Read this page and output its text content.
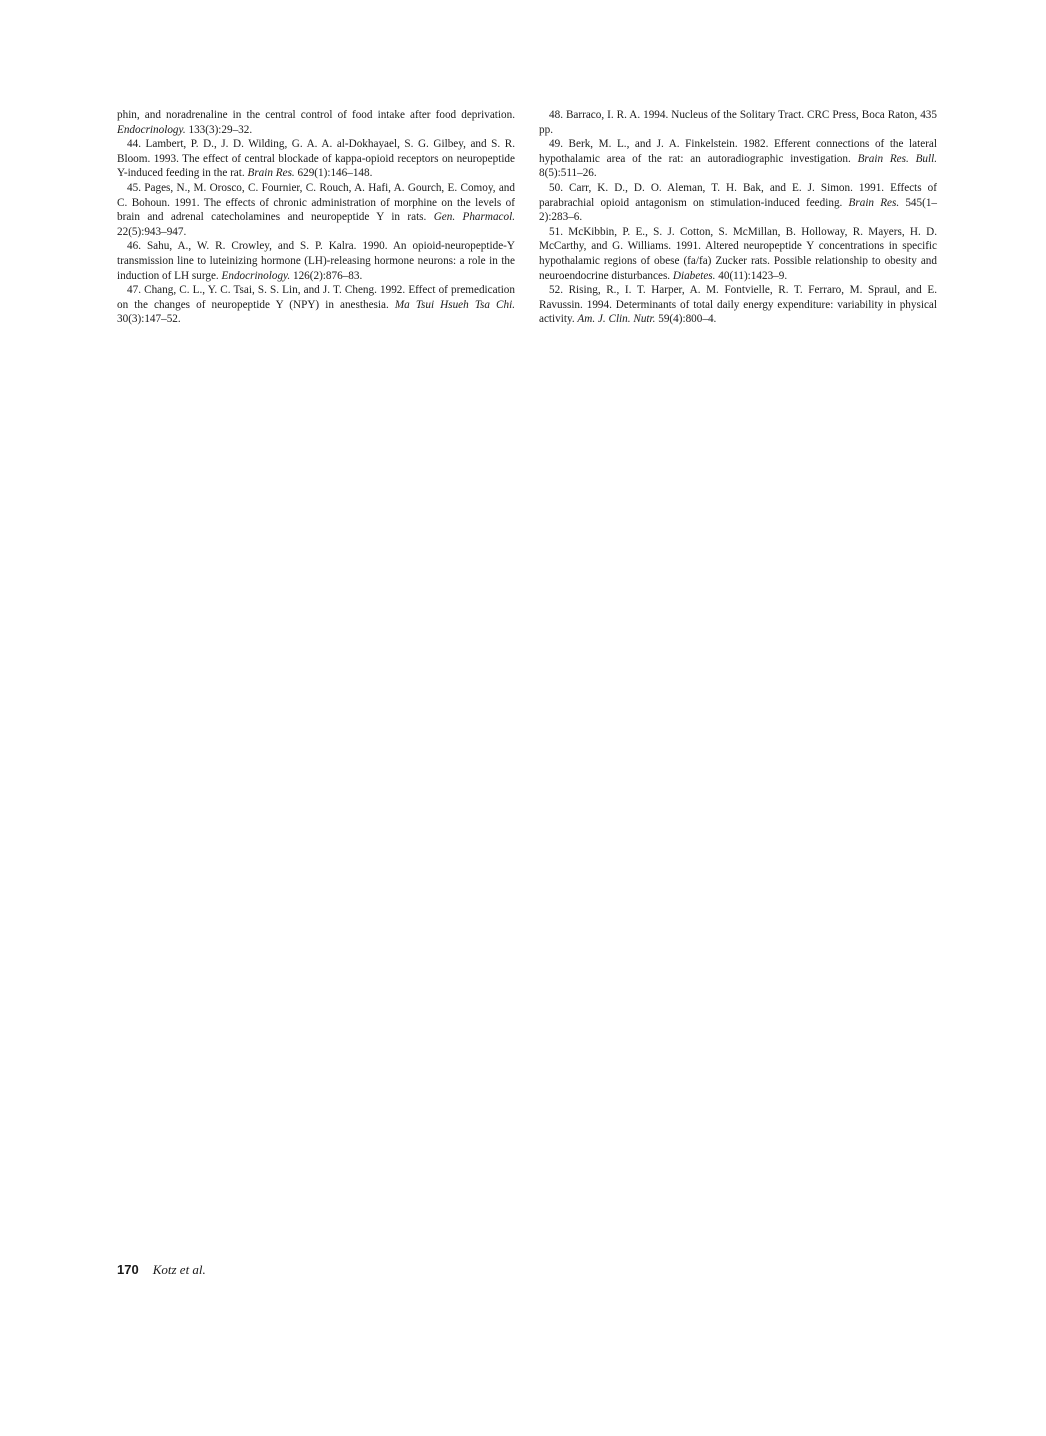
phin, and noradrenaline in the central control of food intake after food deprivation. Endocrinology. 133(3):29–32.

44. Lambert, P. D., J. D. Wilding, G. A. A. al-Dokhayael, S. G. Gilbey, and S. R. Bloom. 1993. The effect of central blockade of kappa-opioid receptors on neuropeptide Y-induced feeding in the rat. Brain Res. 629(1):146–148.

45. Pages, N., M. Orosco, C. Fournier, C. Rouch, A. Hafi, A. Gourch, E. Comoy, and C. Bohoun. 1991. The effects of chronic administration of morphine on the levels of brain and adrenal catecholamines and neuropeptide Y in rats. Gen. Pharmacol. 22(5):943–947.

46. Sahu, A., W. R. Crowley, and S. P. Kalra. 1990. An opioid-neuropeptide-Y transmission line to luteinizing hormone (LH)-releasing hormone neurons: a role in the induction of LH surge. Endocrinology. 126(2):876–83.

47. Chang, C. L., Y. C. Tsai, S. S. Lin, and J. T. Cheng. 1992. Effect of premedication on the changes of neuropeptide Y (NPY) in anesthesia. Ma Tsui Hsueh Tsa Chi. 30(3):147–52.

48. Barraco, I. R. A. 1994. Nucleus of the Solitary Tract. CRC Press, Boca Raton, 435 pp.

49. Berk, M. L., and J. A. Finkelstein. 1982. Efferent connections of the lateral hypothalamic area of the rat: an autoradiographic investigation. Brain Res. Bull. 8(5):511–26.

50. Carr, K. D., D. O. Aleman, T. H. Bak, and E. J. Simon. 1991. Effects of parabrachial opioid antagonism on stimulation-induced feeding. Brain Res. 545(1–2):283–6.

51. McKibbin, P. E., S. J. Cotton, S. McMillan, B. Holloway, R. Mayers, H. D. McCarthy, and G. Williams. 1991. Altered neuropeptide Y concentrations in specific hypothalamic regions of obese (fa/fa) Zucker rats. Possible relationship to obesity and neuroendocrine disturbances. Diabetes. 40(11):1423–9.

52. Rising, R., I. T. Harper, A. M. Fontvielle, R. T. Ferraro, M. Spraul, and E. Ravussin. 1994. Determinants of total daily energy expenditure: variability in physical activity. Am. J. Clin. Nutr. 59(4):800–4.

170 Kotz et al.
